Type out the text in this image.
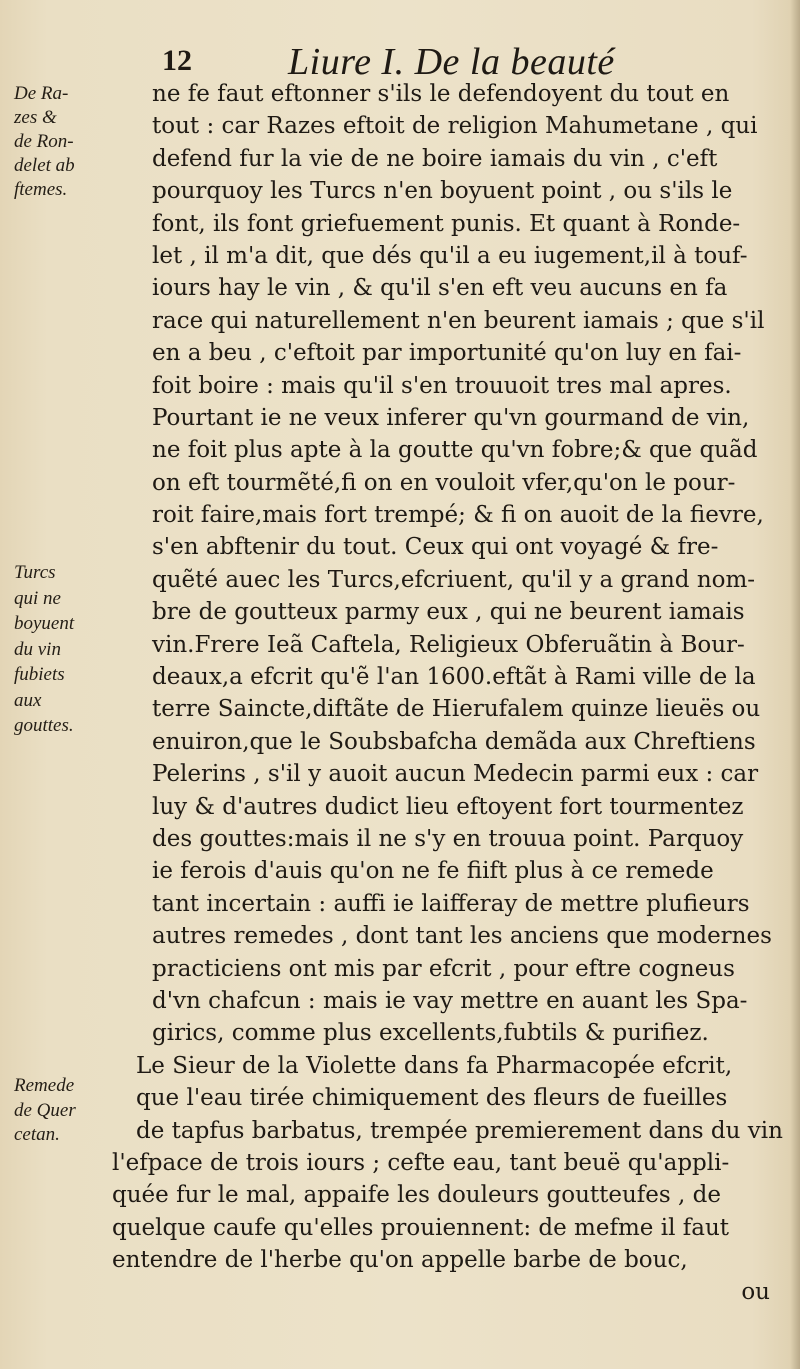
12	Liure I. De la beauté
De Ra-
zes &
de Ron-
delet ab
ftemes.
Turcs
qui ne
boyuent
du vin
fubiets
aux
gouttes.
Remede
de Quer
cetan.
ne fe faut eftonner s'ils le defendoyent du tout en
tout : car Razes eftoit de religion Mahumetane , qui
defend fur la vie de ne boire iamais du vin , c'eft
pourquoy les Turcs n'en boyuent point , ou s'ils le
font, ils font griefuement punis. Et quant à Ronde-
let , il m'a dit, que dés qu'il a eu iugement,il à touf-
iours hay le vin , & qu'il s'en eft veu aucuns en fa
race qui naturellement n'en beurent iamais ; que s'il
en a beu , c'eftoit par importunité qu'on luy en fai-
foit boire : mais qu'il s'en trouuoit tres mal apres.
Pourtant ie ne veux inferer qu'vn gourmand de vin,
ne foit plus apte à la goutte qu'vn fobre;& que quãd
on eft tourmẽté,fi on en vouloit vfer,qu'on le pour-
roit faire,mais fort trempé; & fi on auoit de la fievre,
s'en abftenir du tout. Ceux qui ont voyagé & fre-
quẽté auec les Turcs,efcriuent, qu'il y a grand nom-
bre de goutteux parmy eux , qui ne beurent iamais
vin.Frere Ieã Caftela, Religieux Obferuãtin à Bour-
deaux,a efcrit qu'ẽ l'an 1600.eftãt à Rami ville de la
terre Saincte,diftãte de Hierufalem quinze lieuës ou
enuiron,que le Soubsbafcha demãda aux Chreftiens
Pelerins , s'il y auoit aucun Medecin parmi eux : car
luy & d'autres dudict lieu eftoyent fort tourmentez
des gouttes:mais il ne s'y en trouua point. Parquoy
ie ferois d'auis qu'on ne fe fiift plus à ce remede
tant incertain : auffi ie laifferay de mettre plufieurs
autres remedes , dont tant les anciens que modernes
practiciens ont mis par efcrit , pour eftre cogneus
d'vn chafcun : mais ie vay mettre en auant les Spa-
girics, comme plus excellents,fubtils & purifiez.
Le Sieur de la Violette dans fa Pharmacopée efcrit,
que l'eau tirée chimiquement des fleurs de fueilles
de tapfus barbatus, trempée premierement dans du vin
l'efpace de trois iours ; cefte eau, tant beuë qu'appli-
quée fur le mal, appaife les douleurs goutteufes , de
quelque caufe qu'elles prouiennent: de mefme il faut
entendre de l'herbe qu'on appelle barbe de bouc,
ou
